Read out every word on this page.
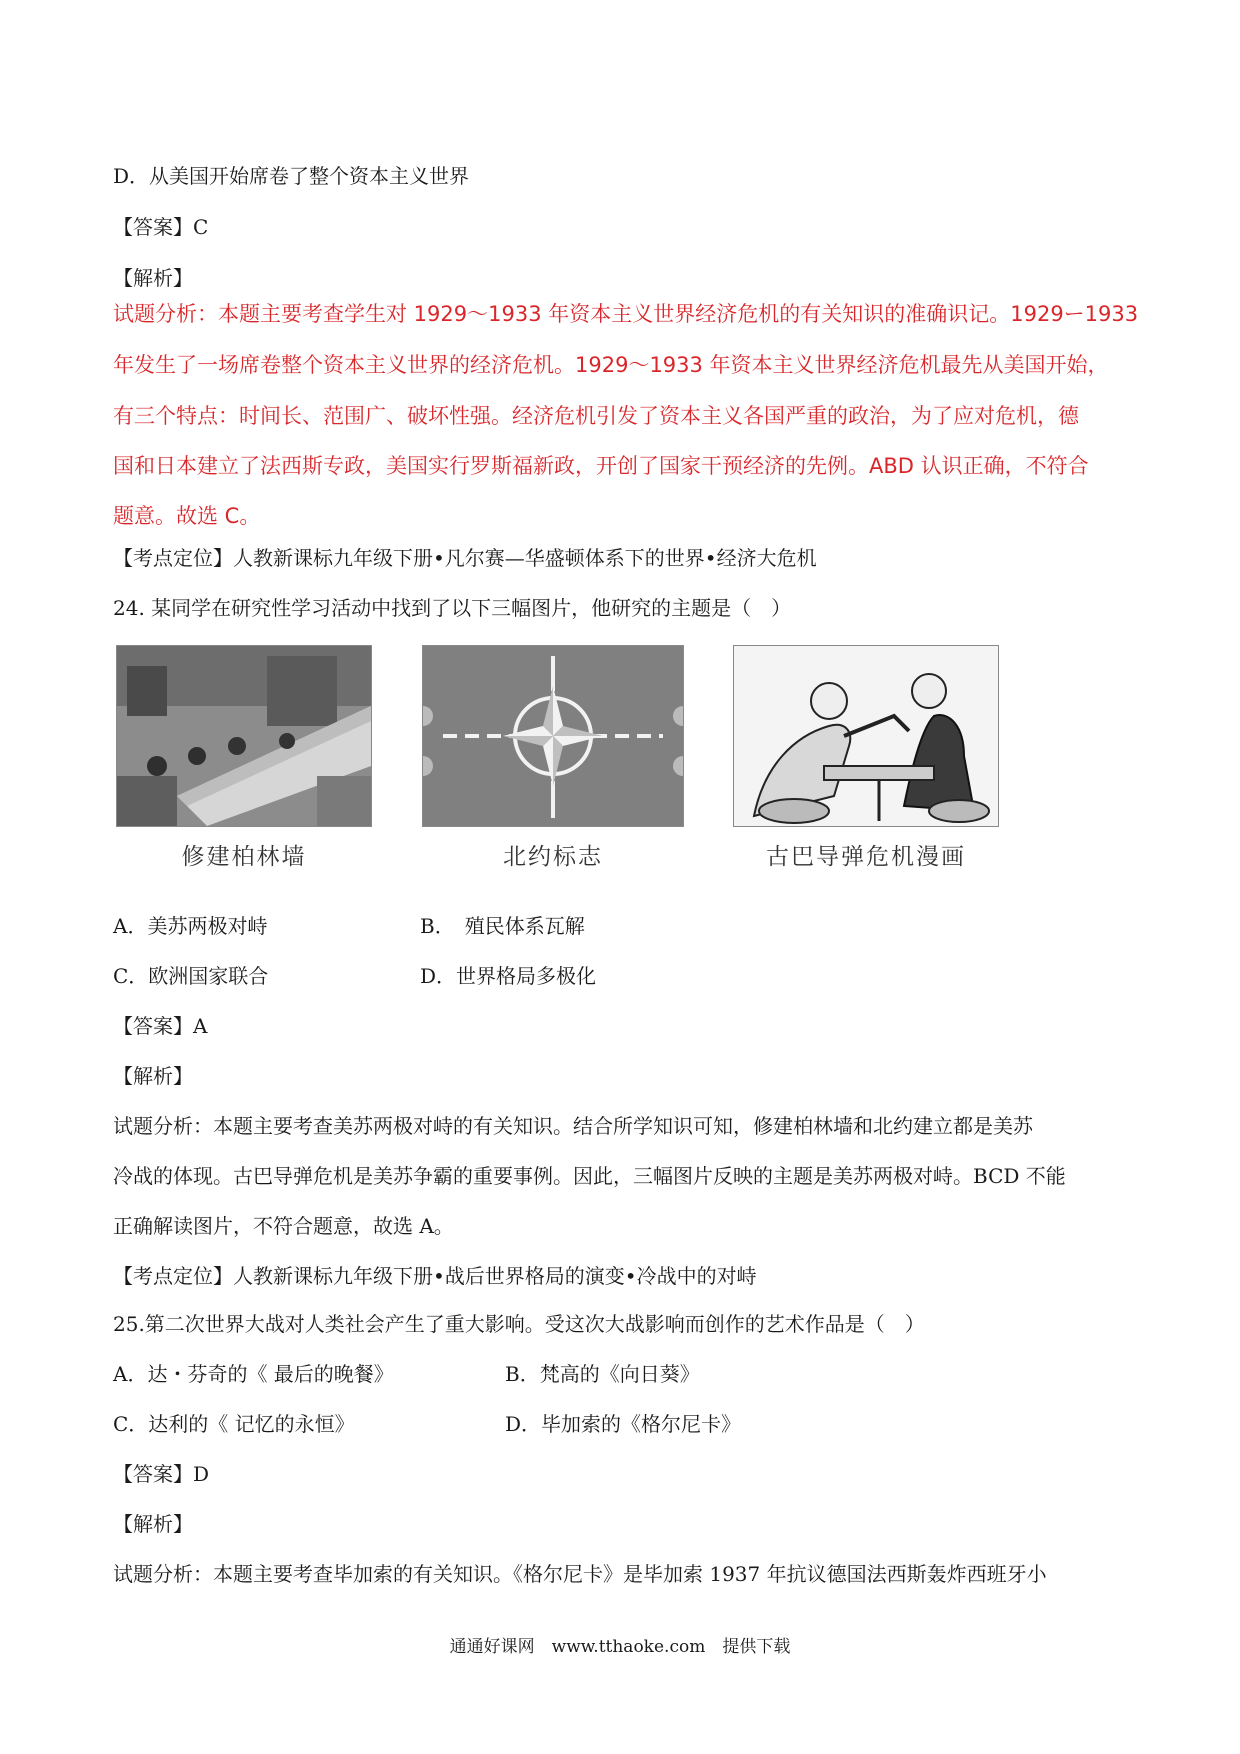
D．从美国开始席卷了整个资本主义世界
【答案】C
【解析】
试题分析：本题主要考查学生对 1929～1933 年资本主义世界经济危机的有关知识的准确识记。1929ー1933
年发生了一场席卷整个资本主义世界的经济危机。1929～1933 年资本主义世界经济危机最先从美国开始，
有三个特点：时间长、范围广、破坏性强。经济危机引发了资本主义各国严重的政治，为了应对危机，德
国和日本建立了法西斯专政，美国实行罗斯福新政，开创了国家干预经济的先例。ABD 认识正确，不符合
题意。故选 C。
【考点定位】人教新课标九年级下册•凡尔赛—华盛顿体系下的世界•经济大危机
24. 某同学在研究性学习活动中找到了以下三幅图片，他研究的主题是（　）
修建柏林墙	北约标志	古巴导弹危机漫画
A．美苏两极对峙	B．　殖民体系瓦解
C．欧洲国家联合	D．世界格局多极化
【答案】A
【解析】
试题分析：本题主要考查美苏两极对峙的有关知识。结合所学知识可知，修建柏林墙和北约建立都是美苏
冷战的体现。古巴导弹危机是美苏争霸的重要事例。因此，三幅图片反映的主题是美苏两极对峙。BCD 不能
正确解读图片，不符合题意，故选 A。
【考点定位】人教新课标九年级下册•战后世界格局的演变•冷战中的对峙
25.第二次世界大战对人类社会产生了重大影响。受这次大战影响而创作的艺术作品是（　）
A．达・芬奇的《 最后的晚餐》	B．梵高的《向日葵》
C．达利的《 记忆的永恒》	D．毕加索的《格尔尼卡》
【答案】D
【解析】
试题分析：本题主要考查毕加索的有关知识。《格尔尼卡》是毕加索 1937 年抗议德国法西斯轰炸西班牙小
通通好课网　www.tthaoke.com　提供下载
